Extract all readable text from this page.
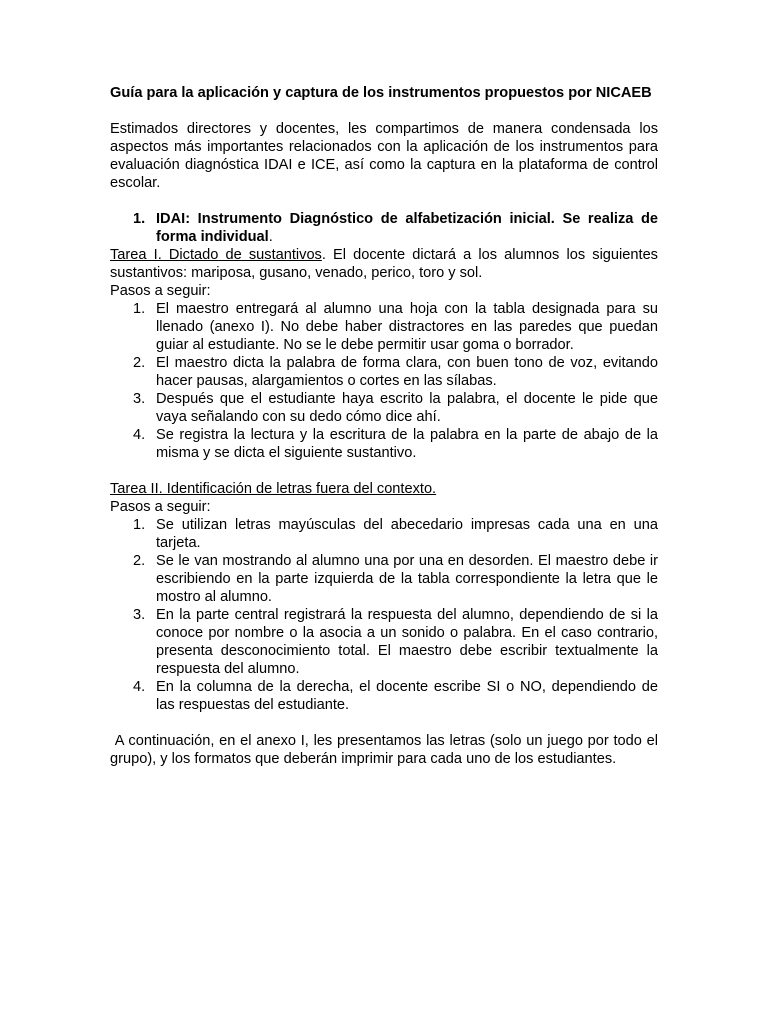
Guía para la aplicación y captura de los instrumentos propuestos por NICAEB

Estimados directores y docentes, les compartimos de manera condensada los aspectos más importantes relacionados con la aplicación de los instrumentos para evaluación diagnóstica IDAI e ICE, así como la captura en la plataforma de control escolar.

1. IDAI: Instrumento Diagnóstico de alfabetización inicial. Se realiza de forma individual.

Tarea I. Dictado de sustantivos. El docente dictará a los alumnos los siguientes sustantivos: mariposa, gusano, venado, perico, toro y sol.

Pasos a seguir:

1. El maestro entregará al alumno una hoja con la tabla designada para su llenado (anexo I). No debe haber distractores en las paredes que puedan guiar al estudiante. No se le debe permitir usar goma o borrador.
2. El maestro dicta la palabra de forma clara, con buen tono de voz, evitando hacer pausas, alargamientos o cortes en las sílabas.
3. Después que el estudiante haya escrito la palabra, el docente le pide que vaya señalando con su dedo cómo dice ahí.
4. Se registra la lectura y la escritura de la palabra en la parte de abajo de la misma y se dicta el siguiente sustantivo.

Tarea II. Identificación de letras fuera del contexto.

Pasos a seguir:

1. Se utilizan letras mayúsculas del abecedario impresas cada una en una tarjeta.
2. Se le van mostrando al alumno una por una en desorden. El maestro debe ir escribiendo en la parte izquierda de la tabla correspondiente la letra que le mostro al alumno.
3. En la parte central registrará la respuesta del alumno, dependiendo de si la conoce por nombre o la asocia a un sonido o palabra. En el caso contrario, presenta desconocimiento total. El maestro debe escribir textualmente la respuesta del alumno.
4. En la columna de la derecha, el docente escribe SI o NO, dependiendo de las respuestas del estudiante.

A continuación, en el anexo I, les presentamos las letras (solo un juego por todo el grupo), y los formatos que deberán imprimir para cada uno de los estudiantes.
